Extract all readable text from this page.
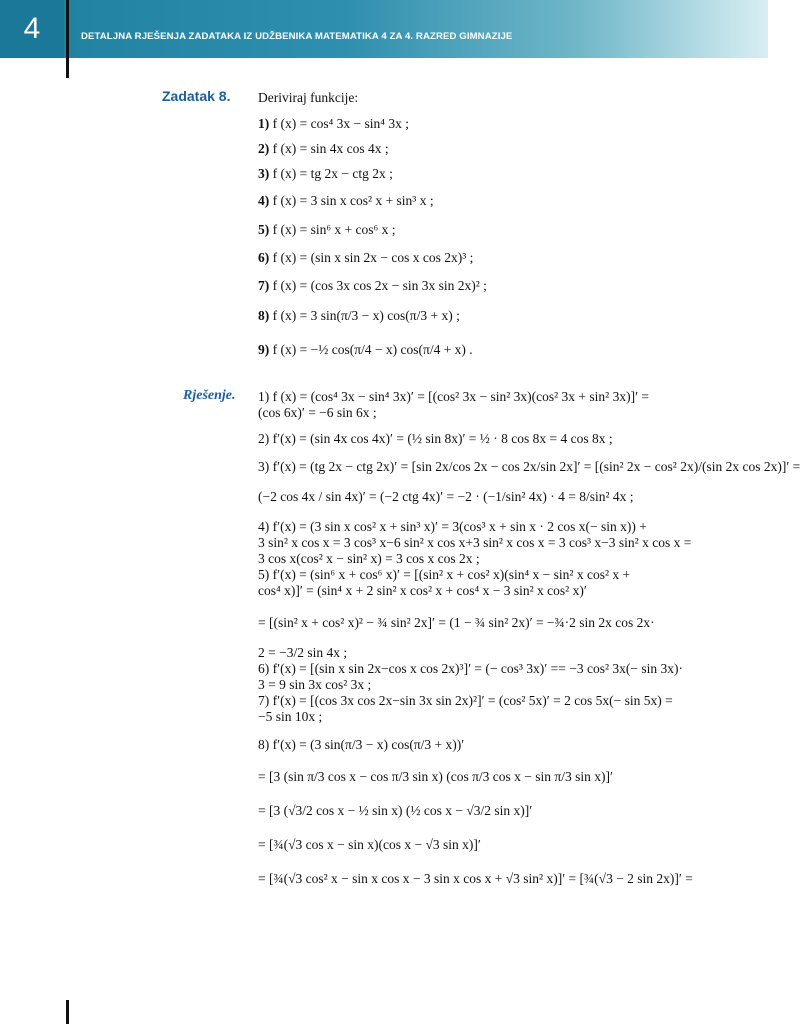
4	DETALJNA RJEŠENJA ZADATAKA IZ UDŽBENIKA MATEMATIKA 4 ZA 4. RAZRED GIMNAZIJE
Zadatak 8. Deriviraj funkcije:
1) f (x) = cos⁴ 3x − sin⁴ 3x ;
2) f (x) = sin 4x cos 4x ;
3) f (x) = tg 2x − ctg 2x ;
4) f (x) = 3 sin x cos² x + sin³ x ;
5) f (x) = sin⁶ x + cos⁶ x ;
6) f (x) = (sin x sin 2x − cos x cos 2x)³ ;
7) f (x) = (cos 3x cos 2x − sin 3x sin 2x)² ;
8) f (x) = 3 sin(π/3 − x) cos(π/3 + x) ;
9) f (x) = −½ cos(π/4 − x) cos(π/4 + x) .
Rješenje. 1) f (x) = (cos⁴ 3x − sin⁴ 3x)′ = [(cos² 3x − sin² 3x)(cos² 3x + sin² 3x)]′ =
(cos 6x)′ = −6 sin 6x ;
2) f′(x) = (sin 4x cos 4x)′ = (½ sin 8x)′ = ½ · 8 cos 8x = 4 cos 8x ;
3) f′(x) = (tg 2x − ctg 2x)′ = [sin 2x/cos 2x − cos 2x/sin 2x]′ = [(sin² 2x − cos² 2x)/(sin 2x cos 2x)]′ =
(−2 cos 4x / sin 4x)′ = (−2 ctg 4x)′ = −2 · (−1/sin² 4x) · 4 = 8/sin² 4x ;
4) f′(x) = (3 sin x cos² x + sin³ x)′ = 3(cos³ x + sin x · 2 cos x(− sin x)) +
3 sin² x cos x = 3 cos³ x−6 sin² x cos x+3 sin² x cos x = 3 cos³ x−3 sin² x cos x =
3 cos x(cos² x − sin² x) = 3 cos x cos 2x ;
5) f′(x) = (sin⁶ x + cos⁶ x)′ = [(sin² x + cos² x)(sin⁴ x − sin² x cos² x +
cos⁴ x)]′ = (sin⁴ x + 2 sin² x cos² x + cos⁴ x − 3 sin² x cos² x)′
= [(sin² x + cos² x)² − ¾ sin² 2x]′ = (1 − ¾ sin² 2x)′ = −¾·2 sin 2x cos 2x·
2 = −3/2 sin 4x ;
6) f′(x) = [(sin x sin 2x−cos x cos 2x)³]′ = (− cos³ 3x)′ == −3 cos² 3x(− sin 3x)·
3 = 9 sin 3x cos² 3x ;
7) f′(x) = [(cos 3x cos 2x−sin 3x sin 2x)²]′ = (cos² 5x)′ = 2 cos 5x(− sin 5x) =
−5 sin 10x ;
8) f′(x) = (3 sin(π/3 − x) cos(π/3 + x))′
= [3 (sin π/3 cos x − cos π/3 sin x) (cos π/3 cos x − sin π/3 sin x)]′
= [3 (√3/2 cos x − ½ sin x) (½ cos x − √3/2 sin x)]′
= [¾(√3 cos x − sin x)(cos x − √3 sin x)]′
= [¾(√3 cos² x − sin x cos x − 3 sin x cos x + √3 sin² x)]′ = [¾(√3 − 2 sin 2x)]′ =
